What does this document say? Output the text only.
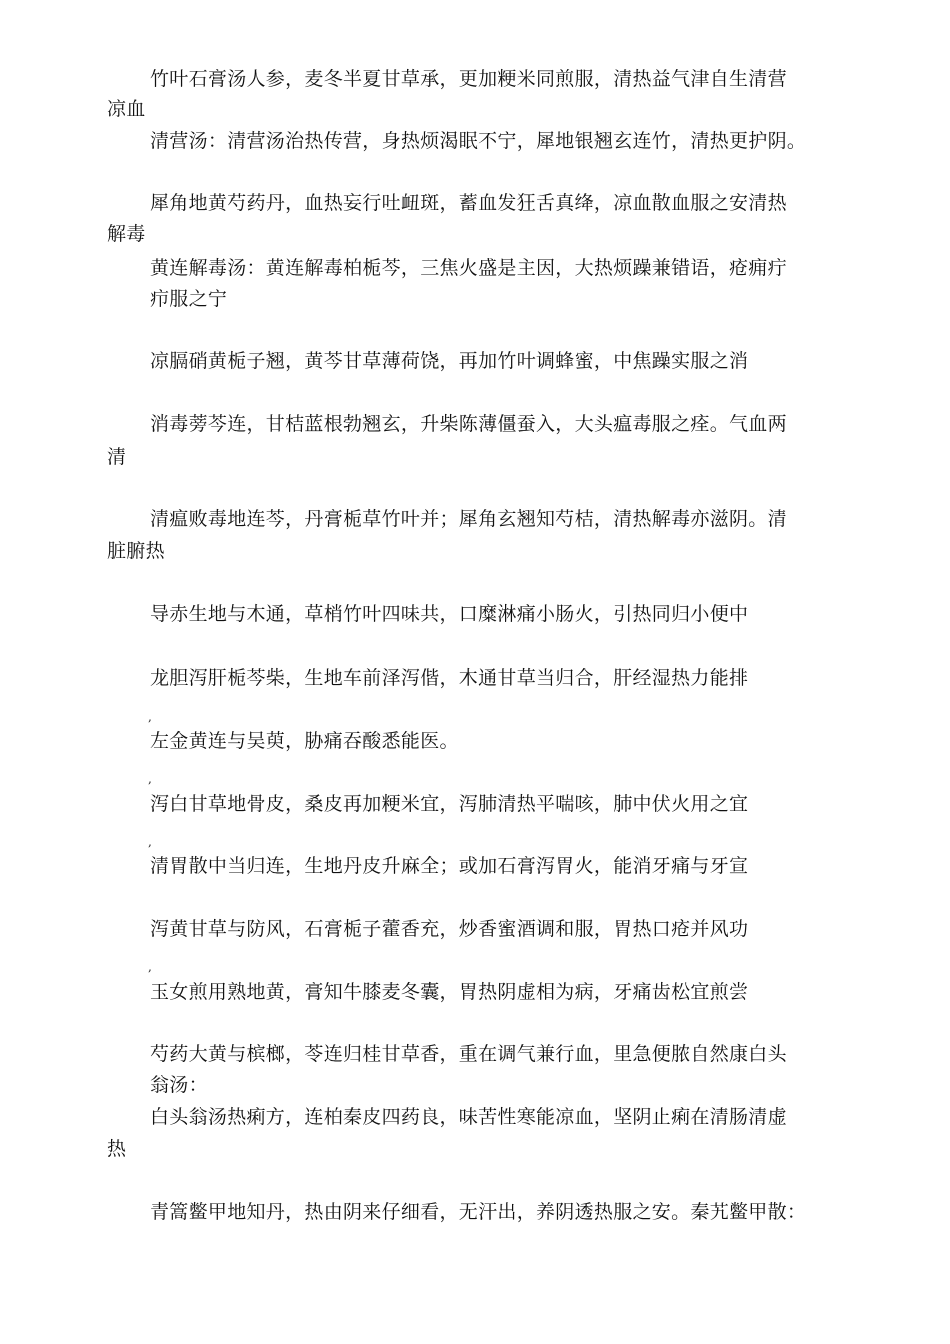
竹叶石膏汤人参，麦冬半夏甘草承，更加粳米同煎服，清热益气津自生清营
凉血
清营汤：清营汤治热传营，身热烦渴眠不宁，犀地银翘玄连竹，清热更护阴。
犀角地黄芍药丹，血热妄行吐衄斑，蓄血发狂舌真绛，凉血散血服之安清热
解毒
黄连解毒汤：黄连解毒柏栀芩，三焦火盛是主因，大热烦躁兼错语，疮痈疔
疖服之宁
凉膈硝黄栀子翘，黄芩甘草薄荷饶，再加竹叶调蜂蜜，中焦躁实服之消
消毒蒡芩连，甘桔蓝根勃翘玄，升柴陈薄僵蚕入，大头瘟毒服之痊。气血两
清
清瘟败毒地连芩，丹膏栀草竹叶并；犀角玄翘知芍桔，清热解毒亦滋阴。清
脏腑热
导赤生地与木通，草梢竹叶四味共，口糜淋痛小肠火，引热同归小便中
龙胆泻肝栀芩柴，生地车前泽泻偕，木通甘草当归合，肝经湿热力能排
,
左金黄连与吴萸，胁痛吞酸悉能医。
,
泻白甘草地骨皮，桑皮再加粳米宜，泻肺清热平喘咳，肺中伏火用之宜
,
清胃散中当归连，生地丹皮升麻全；或加石膏泻胃火，能消牙痛与牙宣
泻黄甘草与防风，石膏栀子藿香充，炒香蜜酒调和服，胃热口疮并风功
,
玉女煎用熟地黄，膏知牛膝麦冬囊，胃热阴虚相为病，牙痛齿松宜煎尝
芍药大黄与槟榔，苓连归桂甘草香，重在调气兼行血，里急便脓自然康白头
翁汤：
白头翁汤热痢方，连柏秦皮四药良，味苦性寒能凉血，坚阴止痢在清肠清虚
热
青篙鳖甲地知丹，热由阴来仔细看，无汗出，养阴透热服之安。秦艽鳖甲散：
